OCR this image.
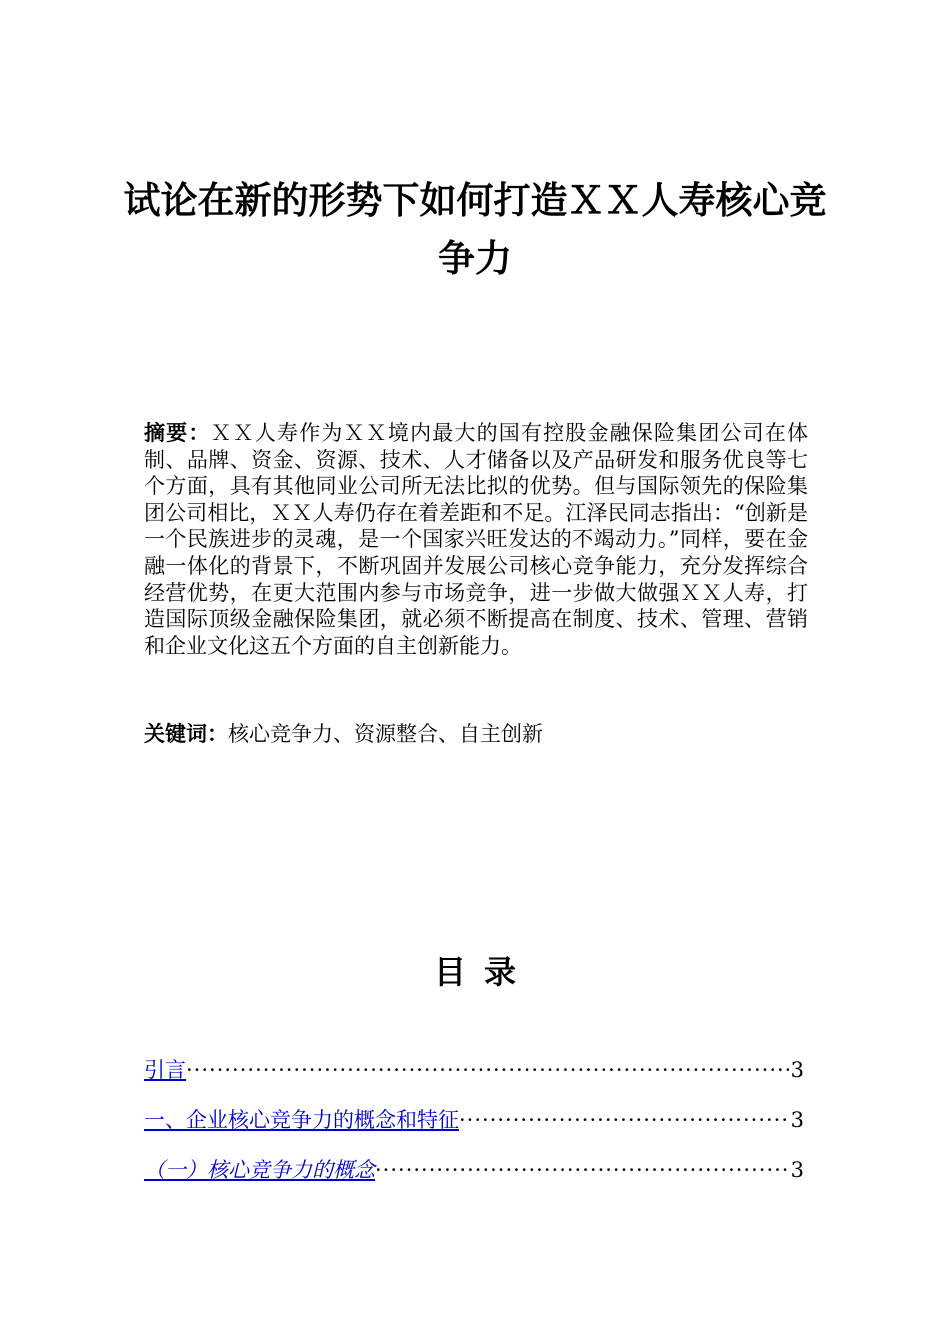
试论在新的形势下如何打造ＸＸ人寿核心竞争力
摘要：ＸＸ人寿作为ＸＸ境内最大的国有控股金融保险集团公司在体制、品牌、资金、资源、技术、人才储备以及产品研发和服务优良等七个方面，具有其他同业公司所无法比拟的优势。但与国际领先的保险集团公司相比，ＸＸ人寿仍存在着差距和不足。江泽民同志指出：“创新是一个民族进步的灵魂，是一个国家兴旺发达的不竭动力。”同样，要在金融一体化的背景下，不断巩固并发展公司核心竞争能力，充分发挥综合经营优势，在更大范围内参与市场竞争，进一步做大做强ＸＸ人寿，打造国际顶级金融保险集团，就必须不断提高在制度、技术、管理、营销和企业文化这五个方面的自主创新能力。
关键词：核心竞争力、资源整合、自主创新
目录
引言 ·····	3
一、企业核心竞争力的概念和特征 ·····	3
（一）核心竞争力的概念 ·····	3
